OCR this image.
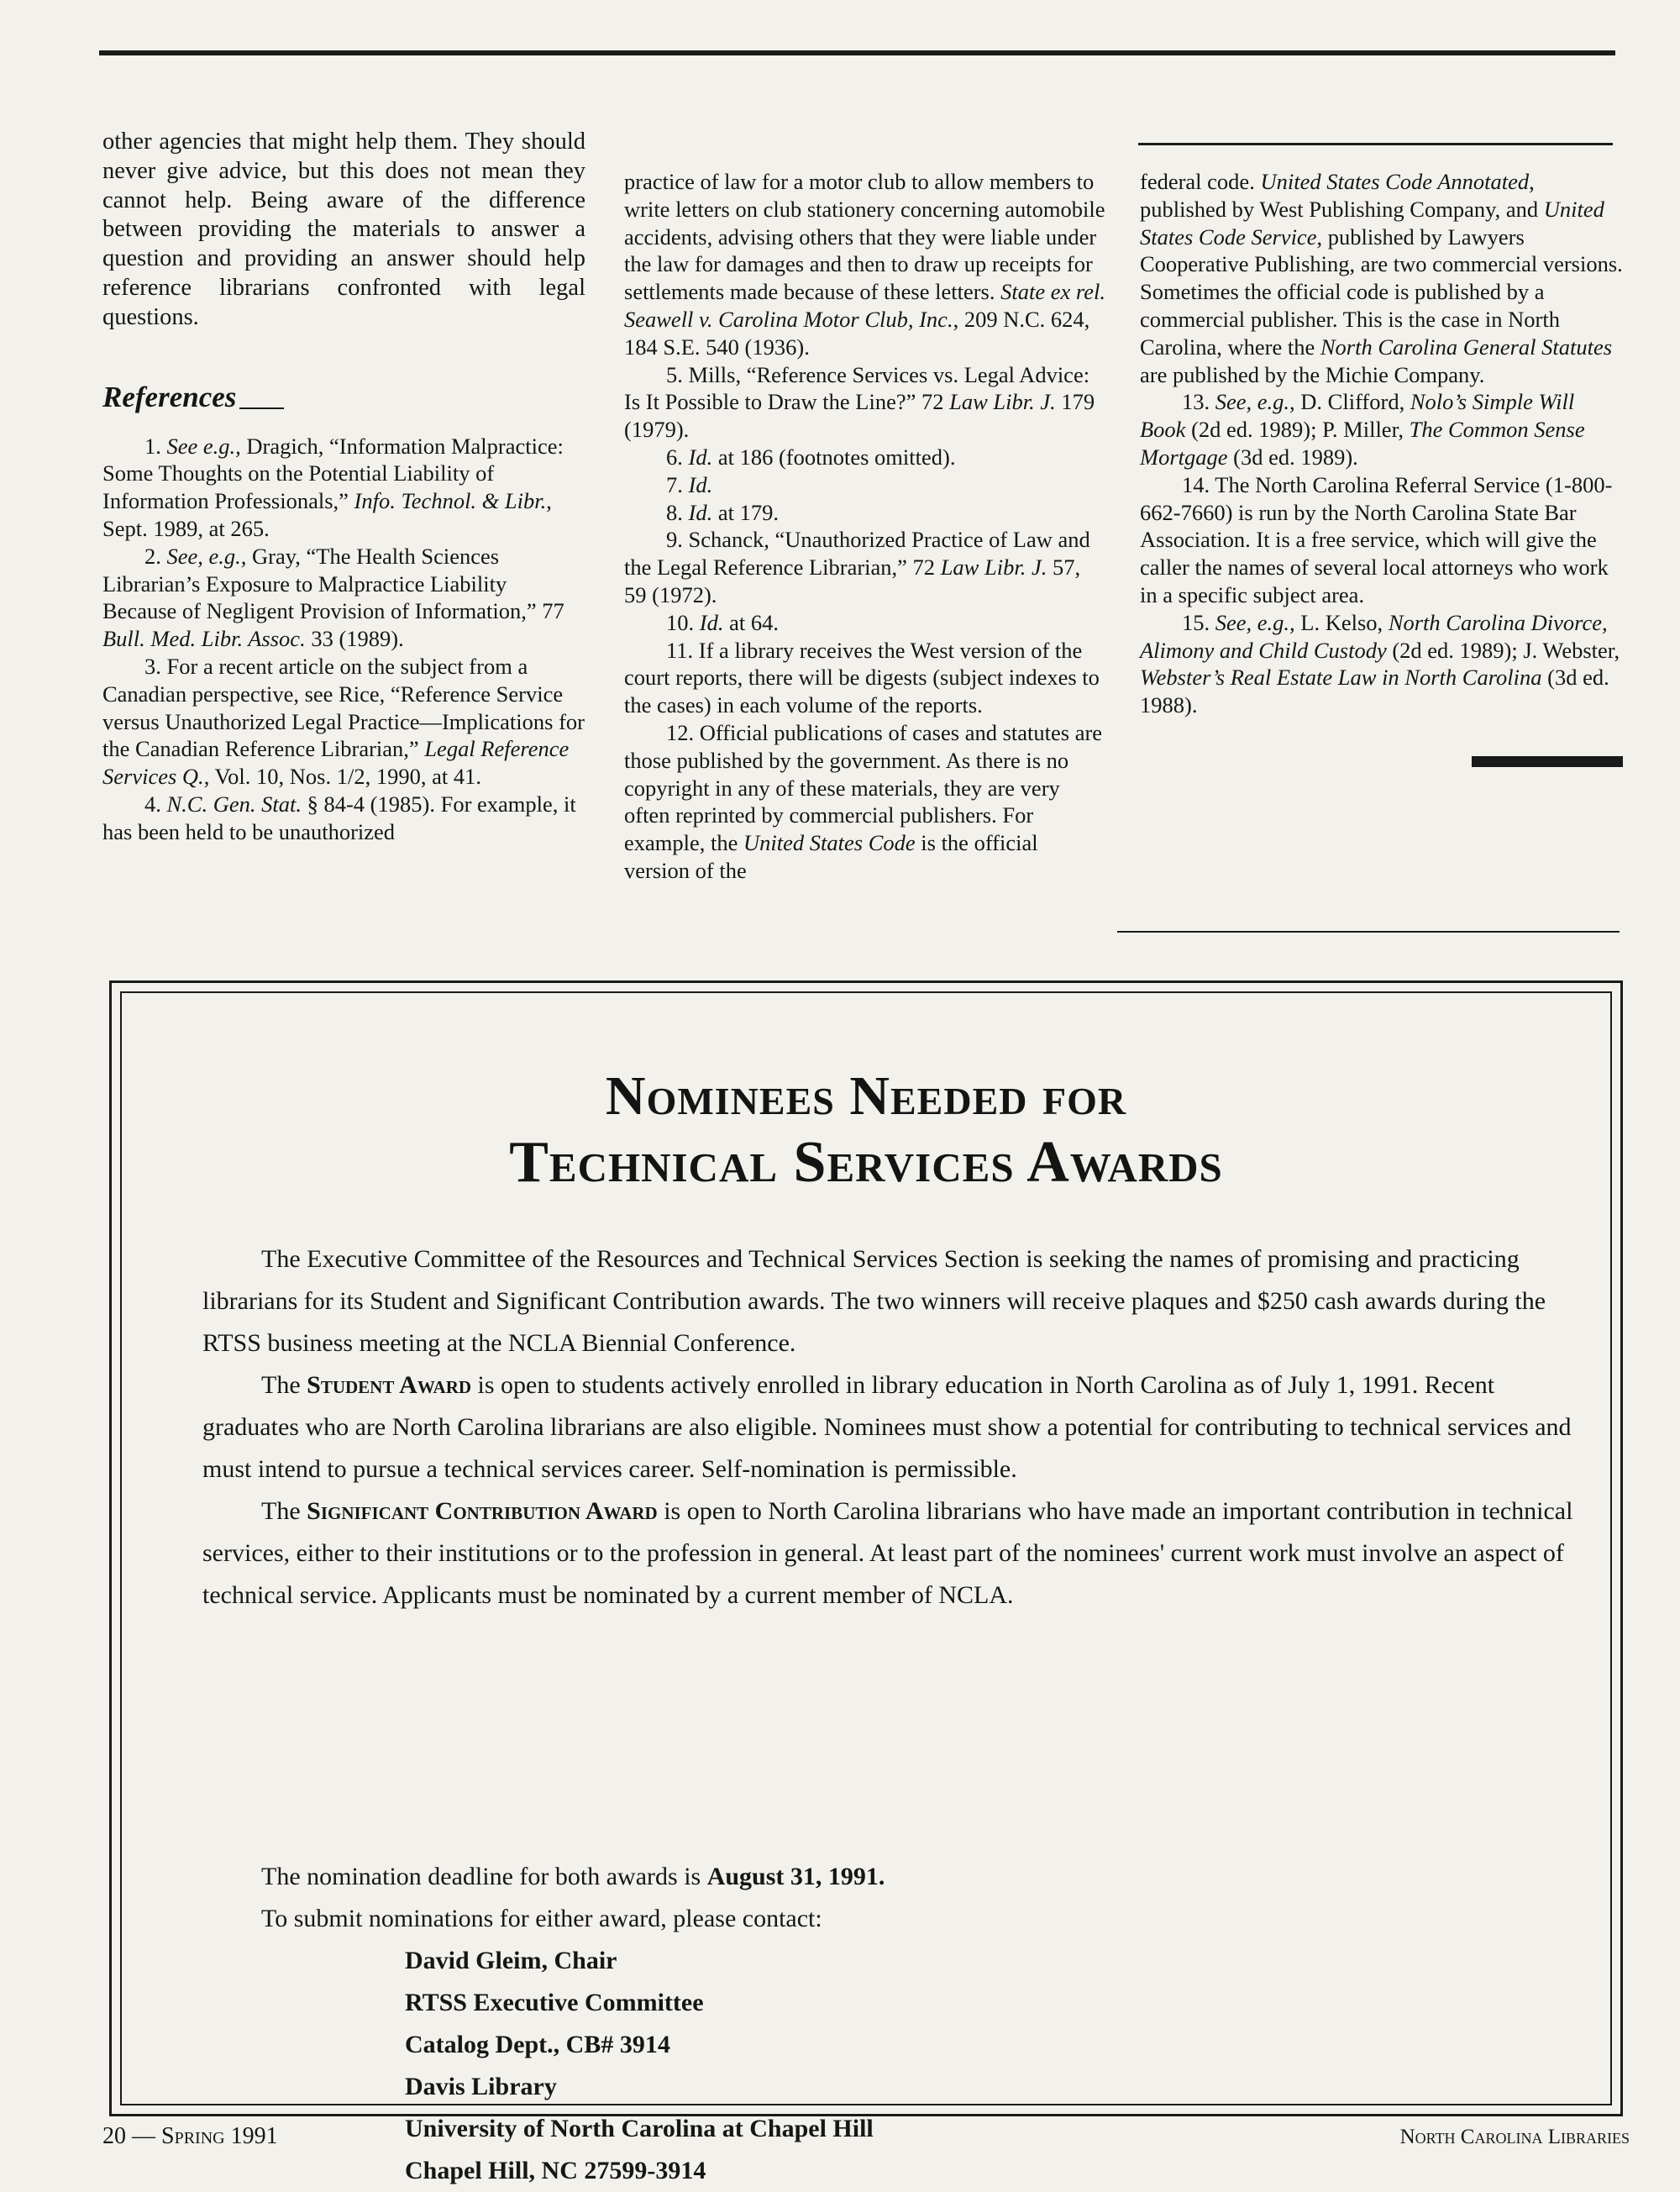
other agencies that might help them. They should never give advice, but this does not mean they cannot help. Being aware of the difference between providing the materials to answer a question and providing an answer should help reference librarians confronted with legal questions.

References

1. See e.g., Dragich, “Information Malpractice: Some Thoughts on the Potential Liability of Information Professionals,” Info. Technol. & Libr., Sept. 1989, at 265.

2. See, e.g., Gray, “The Health Sciences Librarian’s Exposure to Malpractice Liability Because of Negligent Provision of Information,” 77 Bull. Med. Libr. Assoc. 33 (1989).

3. For a recent article on the subject from a Canadian perspective, see Rice, “Reference Service versus Unauthorized Legal Practice—Implications for the Canadian Reference Librarian,” Legal Reference Services Q., Vol. 10, Nos. 1/2, 1990, at 41.

4. N.C. Gen. Stat. § 84-4 (1985). For example, it has been held to be unauthorized

practice of law for a motor club to allow members to write letters on club stationery concerning automobile accidents, advising others that they were liable under the law for damages and then to draw up receipts for settlements made because of these letters. State ex rel. Seawell v. Carolina Motor Club, Inc., 209 N.C. 624, 184 S.E. 540 (1936).

5. Mills, “Reference Services vs. Legal Advice: Is It Possible to Draw the Line?” 72 Law Libr. J. 179 (1979).

6. Id. at 186 (footnotes omitted).

7. Id.

8. Id. at 179.

9. Schanck, “Unauthorized Practice of Law and the Legal Reference Librarian,” 72 Law Libr. J. 57, 59 (1972).

10. Id. at 64.

11. If a library receives the West version of the court reports, there will be digests (subject indexes to the cases) in each volume of the reports.

12. Official publications of cases and statutes are those published by the government. As there is no copyright in any of these materials, they are very often reprinted by commercial publishers. For example, the United States Code is the official version of the

federal code. United States Code Annotated, published by West Publishing Company, and United States Code Service, published by Lawyers Cooperative Publishing, are two commercial versions. Sometimes the official code is published by a commercial publisher. This is the case in North Carolina, where the North Carolina General Statutes are published by the Michie Company.

13. See, e.g., D. Clifford, Nolo’s Simple Will Book (2d ed. 1989); P. Miller, The Common Sense Mortgage (3d ed. 1989).

14. The North Carolina Referral Service (1-800-662-7660) is run by the North Carolina State Bar Association. It is a free service, which will give the caller the names of several local attorneys who work in a specific subject area.

15. See, e.g., L. Kelso, North Carolina Divorce, Alimony and Child Custody (2d ed. 1989); J. Webster, Webster’s Real Estate Law in North Carolina (3d ed. 1988).

Nominees Needed for
Technical Services Awards

The Executive Committee of the Resources and Technical Services Section is seeking the names of promising and practicing librarians for its Student and Significant Contribution awards. The two winners will receive plaques and $250 cash awards during the RTSS business meeting at the NCLA Biennial Conference.

The Student Award is open to students actively enrolled in library education in North Carolina as of July 1, 1991. Recent graduates who are North Carolina librarians are also eligible. Nominees must show a potential for contributing to technical services and must intend to pursue a technical services career. Self-nomination is permissible.

The Significant Contribution Award is open to North Carolina librarians who have made an important contribution in technical services, either to their institutions or to the profession in general. At least part of the nominees' current work must involve an aspect of technical service. Applicants must be nominated by a current member of NCLA.

The nomination deadline for both awards is August 31, 1991.

To submit nominations for either award, please contact:

David Gleim, Chair
RTSS Executive Committee
Catalog Dept., CB# 3914
Davis Library
University of North Carolina at Chapel Hill
Chapel Hill, NC 27599-3914
20 — Spring 1991	North Carolina Libraries
